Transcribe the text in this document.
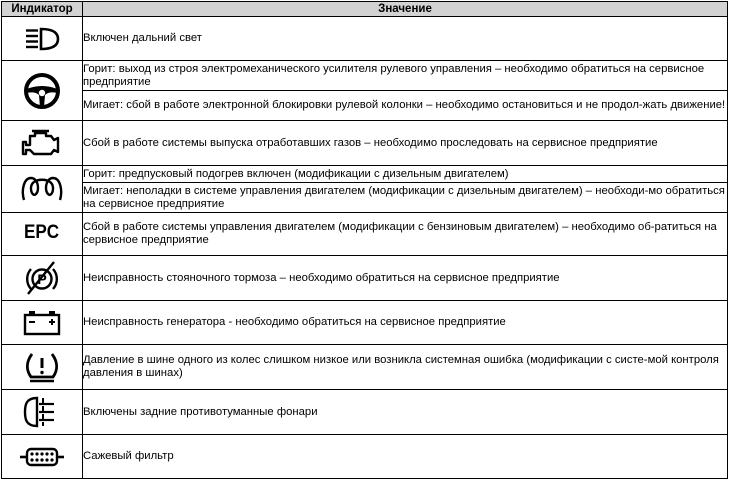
Индикатор	Значение

	Включен дальний свет

	Горит: выход из строя электромеханического усилителя рулевого управления – необходимо обратиться на сервисное предприятие
	Мигает: сбой в работе электронной блокировки рулевой колонки – необходимо остановиться и не продол-жать движение!

	Сбой в работе системы выпуска отработавших газов – необходимо проследовать на сервисное предприятие

	Горит: предпусковый подогрев включен (модификации с дизельным двигателем)
	Мигает: неполадки в системе управления двигателем (модификации с дизельным двигателем) – необходи-мо обратиться на сервисное предприятие
EPC	Сбой в работе системы управления двигателем (модификации с бензиновым двигателем) – необходимо об-ратиться на сервисное предприятие

P	Неисправность стояночного тормоза – необходимо обратиться на сервисное предприятие

	Неисправность генератора - необходимо обратиться на сервисное предприятие

	Давление в шине одного из колес слишком низкое или возникла системная ошибка (модификации с систе-мой контроля давления в шинах)

	Включены задние противотуманные фонари

	Сажевый фильтр
